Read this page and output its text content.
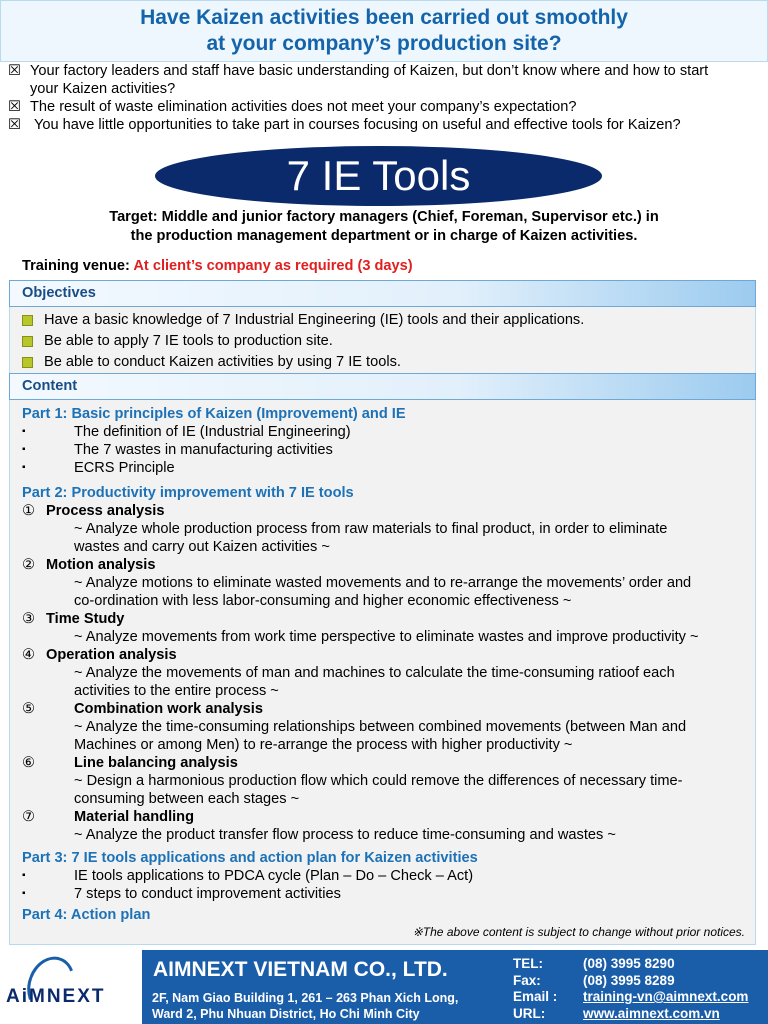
Have Kaizen activities been carried out smoothly
at your company’s production site?
☒ Your factory leaders and staff have basic understanding of Kaizen, but don’t know where and how to start
your Kaizen activities?
☒ The result of waste elimination activities does not meet your company’s expectation?
☒ You have little opportunities to take part in courses focusing on useful and effective tools for Kaizen?
7 IE Tools
Target: Middle and junior factory managers (Chief, Foreman, Supervisor etc.) in
the production management department or in charge of Kaizen activities.
Training venue: At client’s company as required (3 days)
Objectives
Have a basic knowledge of 7 Industrial Engineering (IE) tools and their applications.
Be able to apply 7 IE tools to production site.
Be able to conduct Kaizen activities by using 7 IE tools.
Content
Part 1: Basic principles of Kaizen (Improvement) and IE
▪	The definition of IE (Industrial Engineering)
▪	The 7 wastes in manufacturing activities
▪	ECRS Principle
Part 2: Productivity improvement with 7 IE tools
① Process analysis
~ Analyze whole production process from raw materials to final product, in order to eliminate
wastes and carry out Kaizen activities ~
② Motion analysis
~ Analyze motions to eliminate wasted movements and to re-arrange the movements’ order and
co-ordination with less labor-consuming and higher economic effectiveness ~
③ Time Study
~ Analyze movements from work time perspective to eliminate wastes and improve productivity ~
④ Operation analysis
~ Analyze the movements of man and machines to calculate the time-consuming ratioof each
activities to the entire process ~
⑤	Combination work analysis
~ Analyze the time-consuming relationships between combined movements (between Man and
Machines or among Men) to re-arrange the process with higher productivity ~
⑥	Line balancing analysis
~ Design a harmonious production flow which could remove the differences of necessary time-
consuming between each stages ~
⑦	Material handling
~ Analyze the product transfer flow process to reduce time-consuming and wastes ~
Part 3: 7 IE tools applications and action plan for Kaizen activities
▪	IE tools applications to PDCA cycle (Plan – Do – Check – Act)
▪	7 steps to conduct improvement activities
Part 4: Action plan
※The above content is subject to change without prior notices.
AiMNEXT
AIMNEXT VIETNAM CO., LTD.
2F, Nam Giao Building 1, 261 – 263 Phan Xich Long,
Ward 2, Phu Nhuan District, Ho Chi Minh City
TEL:	(08) 3995 8290
Fax:	(08) 3995 8289
Email :	training-vn@aimnext.com
URL:	www.aimnext.com.vn
